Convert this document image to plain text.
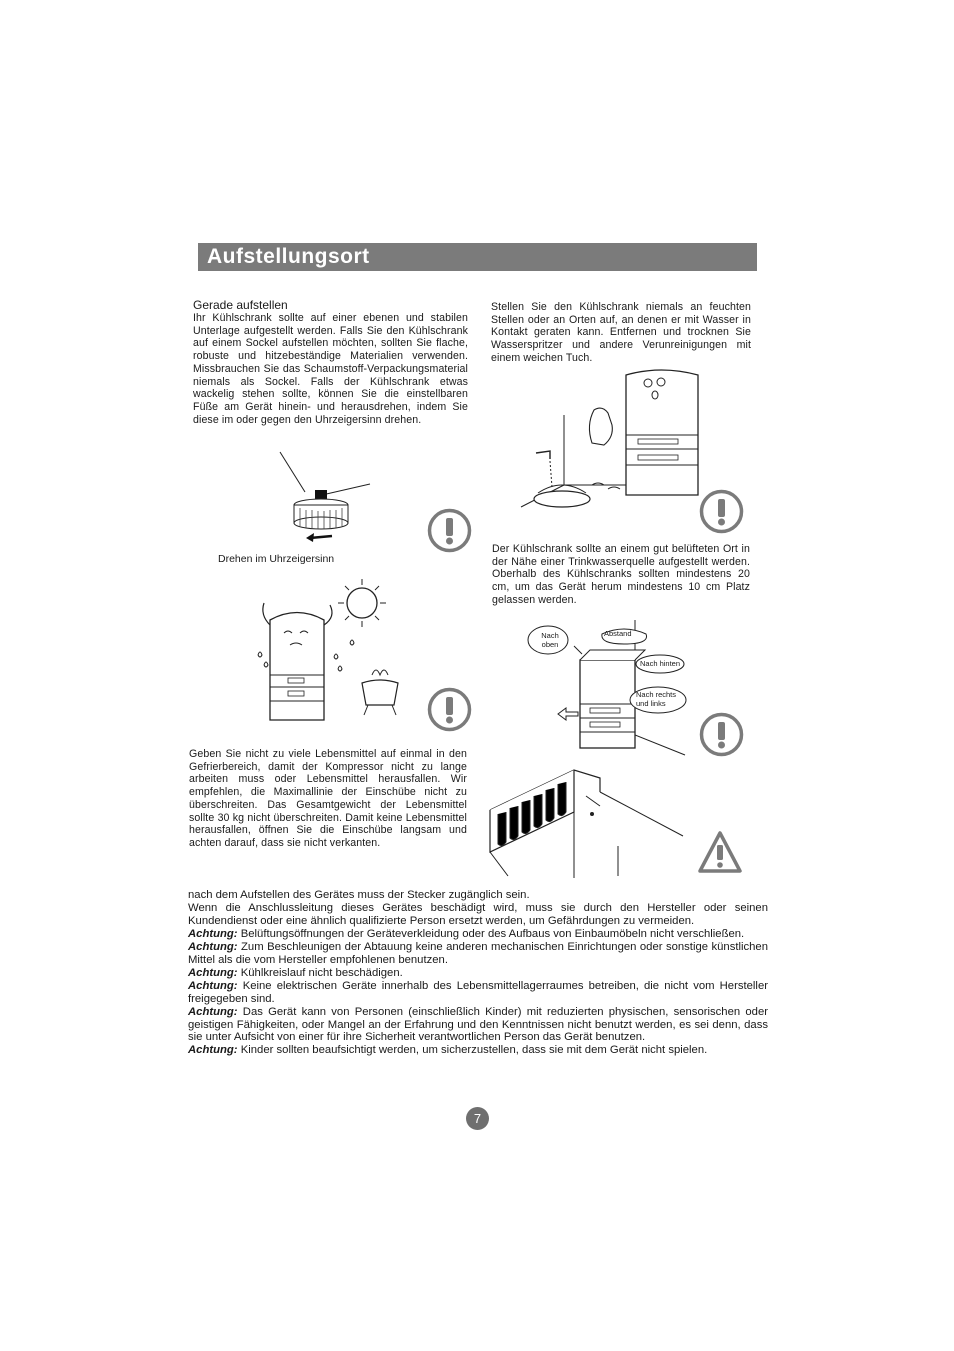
Aufstellungsort
Gerade aufstellen
Ihr Kühlschrank sollte auf einer ebenen und stabilen Unterlage aufgestellt werden. Falls Sie den Kühlschrank auf einem Sockel aufstellen möchten, sollten Sie flache, robuste und hitzebeständige Materialien verwenden. Missbrauchen Sie das Schaumstoff-Verpackungsmaterial niemals als Sockel. Falls der Kühlschrank etwas wackelig stehen sollte, können Sie die einstellbaren Füße am Gerät hinein- und herausdrehen, indem Sie diese im oder gegen den Uhrzeigersinn drehen.
Drehen im Uhrzeigersinn
Geben Sie nicht zu viele Lebensmittel auf einmal in den Gefrierbereich, damit der Kompressor nicht zu lange arbeiten muss oder Lebensmittel herausfallen. Wir empfehlen, die Maximallinie der Einschübe nicht zu überschreiten. Das Gesamtgewicht der Lebensmittel sollte 30 kg nicht überschreiten. Damit keine Lebensmittel herausfallen, öffnen Sie die Einschübe langsam und achten darauf, dass sie nicht verkanten.
Stellen Sie den Kühlschrank niemals an feuchten Stellen oder an Orten auf, an denen er mit Wasser in Kontakt geraten kann. Entfernen und trocknen Sie Wasserspritzer und andere Verunreinigungen mit einem weichen Tuch.
Der Kühlschrank sollte an einem gut belüfteten Ort in der Nähe einer Trinkwasserquelle aufgestellt werden. Oberhalb des Kühlschranks sollten mindestens 20 cm, um das Gerät herum mindestens 10 cm Platz gelassen werden.
Nach
oben
Abstand
Nach hinten
Nach rechts
und links

nach dem Aufstellen des Gerätes muss der Stecker zugänglich sein.

Wenn die Anschlussleitung dieses Gerätes beschädigt wird, muss sie durch den Hersteller oder seinen Kundendienst oder eine ähnlich qualifizierte Person ersetzt werden, um Gefährdungen zu vermeiden.

Achtung: Belüftungsöffnungen der Geräteverkleidung oder des Aufbaus von Einbaumöbeln nicht verschließen.

Achtung: Zum Beschleunigen der Abtauung keine anderen mechanischen Einrichtungen oder sonstige künstlichen Mittel als die vom Hersteller empfohlenen benutzen.

Achtung: Kühlkreislauf nicht beschädigen.

Achtung: Keine elektrischen Geräte innerhalb des Lebensmittellagerraumes betreiben, die nicht vom Hersteller freigegeben sind.

Achtung: Das Gerät kann von Personen (einschließlich Kinder) mit reduzierten physischen, sensorischen oder geistigen Fähigkeiten, oder Mangel an der Erfahrung und den Kenntnissen nicht benutzt werden, es sei denn, dass sie unter Aufsicht von einer für ihre Sicherheit verantwortlichen Person das Gerät benutzen.

Achtung: Kinder sollten beaufsichtigt werden, um sicherzustellen, dass sie mit dem Gerät nicht spielen.

7
